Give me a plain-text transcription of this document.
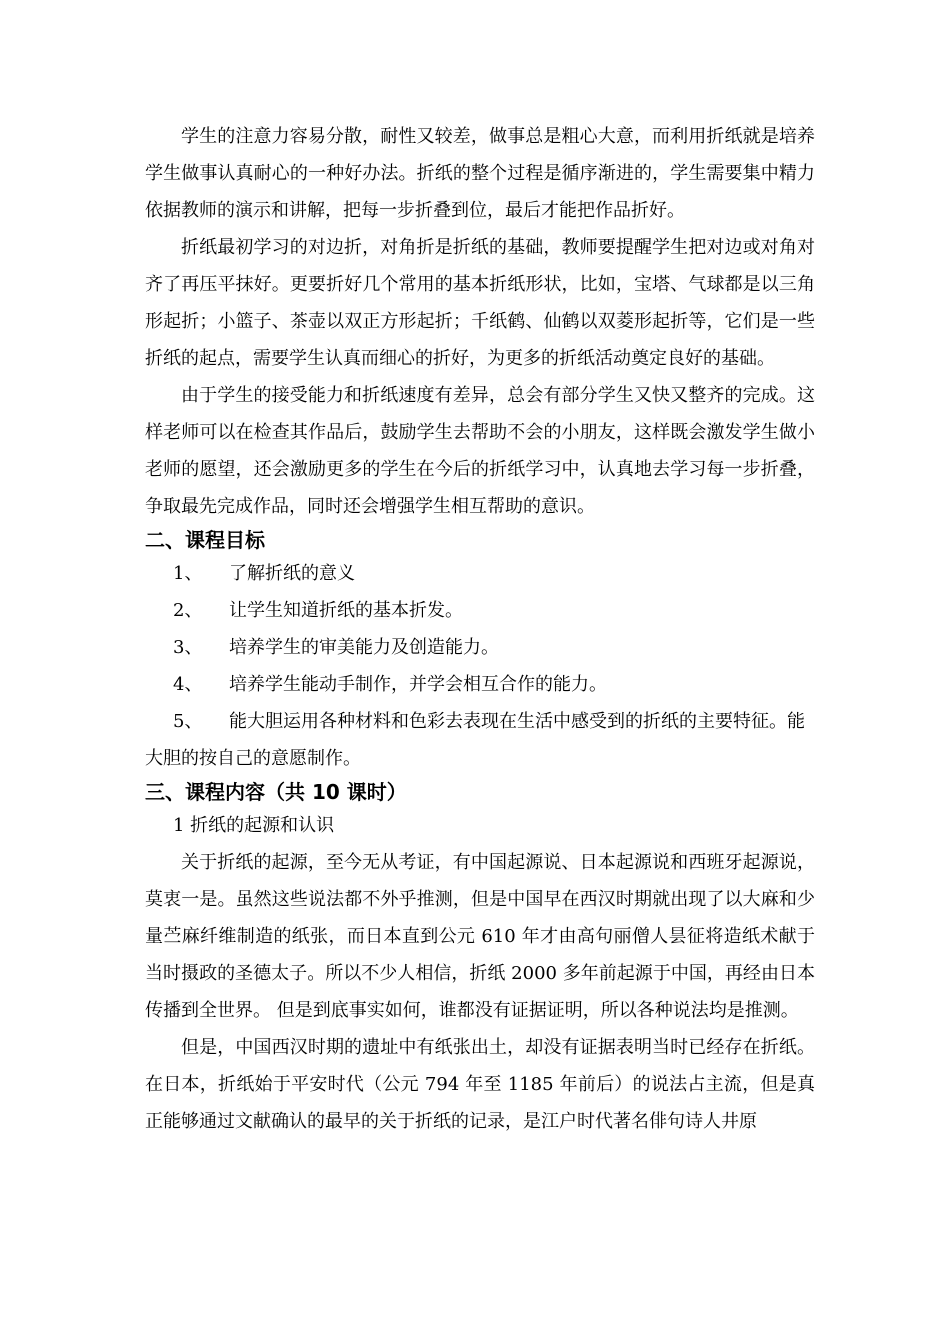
学生的注意力容易分散，耐性又较差，做事总是粗心大意，而利用折纸就是培养学生做事认真耐心的一种好办法。折纸的整个过程是循序渐进的，学生需要集中精力依据教师的演示和讲解，把每一步折叠到位，最后才能把作品折好。

折纸最初学习的对边折，对角折是折纸的基础，教师要提醒学生把对边或对角对齐了再压平抹好。更要折好几个常用的基本折纸形状，比如，宝塔、气球都是以三角形起折；小篮子、茶壶以双正方形起折；千纸鹤、仙鹤以双菱形起折等，它们是一些折纸的起点，需要学生认真而细心的折好，为更多的折纸活动奠定良好的基础。

由于学生的接受能力和折纸速度有差异，总会有部分学生又快又整齐的完成。这样老师可以在检查其作品后，鼓励学生去帮助不会的小朋友，这样既会激发学生做小老师的愿望，还会激励更多的学生在今后的折纸学习中，认真地去学习每一步折叠，争取最先完成作品，同时还会增强学生相互帮助的意识。

二、课程目标
1、 了解折纸的意义
2、 让学生知道折纸的基本折发。
3、 培养学生的审美能力及创造能力。
4、 培养学生能动手制作，并学会相互合作的能力。
5、 能大胆运用各种材料和色彩去表现在生活中感受到的折纸的主要特征。能大胆的按自己的意愿制作。
三、课程内容（共 10 课时）

1 折纸的起源和认识

关于折纸的起源，至今无从考证，有中国起源说、日本起源说和西班牙起源说，莫衷一是。虽然这些说法都不外乎推测，但是中国早在西汉时期就出现了以大麻和少量苎麻纤维制造的纸张，而日本直到公元 610 年才由高句丽僧人昙征将造纸术献于当时摄政的圣德太子。所以不少人相信，折纸 2000 多年前起源于中国，再经由日本传播到全世界。 但是到底事实如何，谁都没有证据证明，所以各种说法均是推测。

但是，中国西汉时期的遗址中有纸张出土，却没有证据表明当时已经存在折纸。在日本，折纸始于平安时代（公元 794 年至 1185 年前后）的说法占主流，但是真正能够通过文献确认的最早的关于折纸的记录，是江户时代著名俳句诗人井原
